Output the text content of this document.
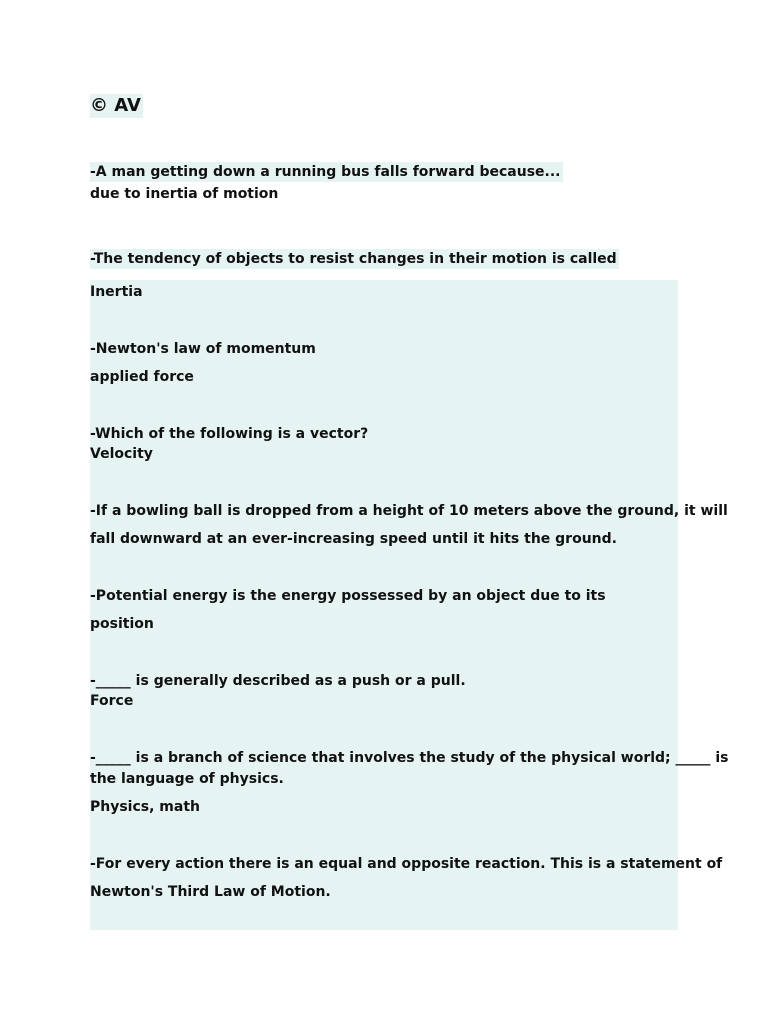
© AV
-A man getting down a running bus falls forward because...
due to inertia of motion
-The tendency of objects to resist changes in their motion is called
Inertia
-Newton's law of momentum
applied force
-Which of the following is a vector?
Velocity
-If a bowling ball is dropped from a height of 10 meters above the ground, it will
fall downward at an ever-increasing speed until it hits the ground.
-Potential energy is the energy possessed by an object due to its
position
-_____ is generally described as a push or a pull.
Force
-_____ is a branch of science that involves the study of the physical world; _____ is
the language of physics.
Physics, math
-For every action there is an equal and opposite reaction. This is a statement of
Newton's Third Law of Motion.
